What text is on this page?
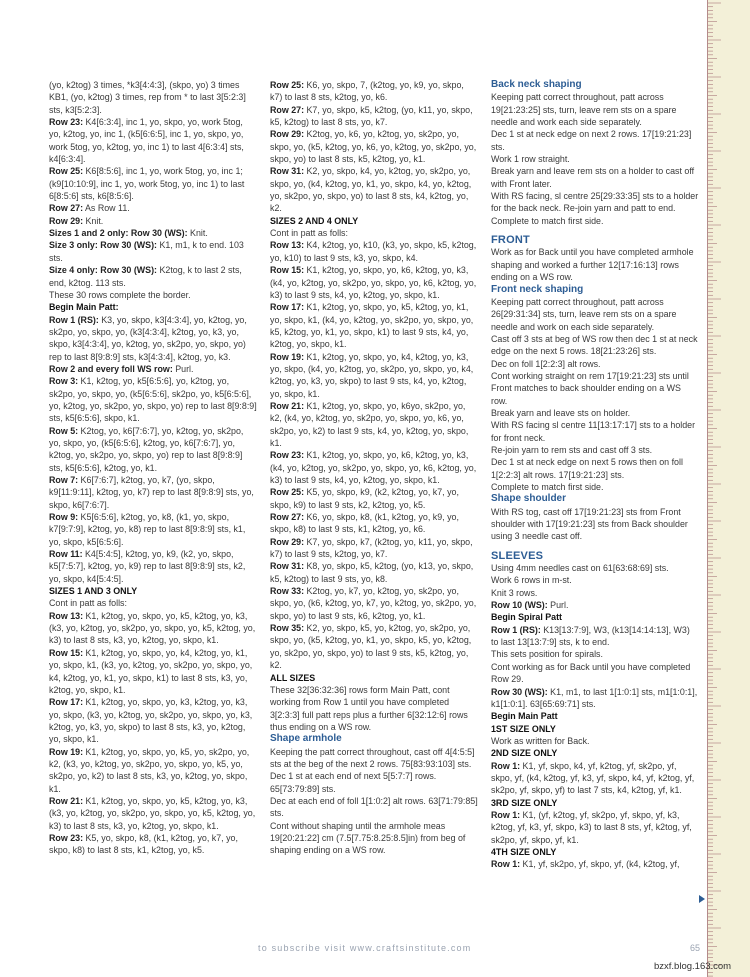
(yo, k2tog) 3 times, *k3[4:4:3], (skpo, yo) 3 times KB1, (yo, k2tog) 3 times, rep from * to last 3[5:2:3] sts, k3[5:2:3].

Row 23: K4[6:3:4], inc 1, yo, skpo, yo, work 5tog, yo, k2tog, yo, inc 1, (k5[6:6:5], inc 1, yo, skpo, yo, work 5tog, yo, k2tog, yo, inc 1) to last 4[6:3:4] sts, k4[6:3:4].

Row 25: K6[8:5:6], inc 1, yo, work 5tog, yo, inc 1; (k9[10:10:9], inc 1, yo, work 5tog, yo, inc 1) to last 6[8:5:6] sts, k6[8:5:6].

Row 27: As Row 11.

Row 29: Knit.

Sizes 1 and 2 only: Row 30 (WS): Knit.

Size 3 only: Row 30 (WS): K1, m1, k to end. 103 sts.

Size 4 only: Row 30 (WS): K2tog, k to last 2 sts, end, k2tog. 113 sts.

These 30 rows complete the border.

Begin Main Patt:

Row 1 (RS): K3, yo, skpo, k3[4:3:4], yo, k2tog, yo, sk2po, yo, skpo, yo, (k3[4:3:4], k2tog, yo, k3, yo, skpo, k3[4:3:4], yo, k2tog, yo, sk2po, yo, skpo, yo) rep to last 8[9:8:9] sts, k3[4:3:4], k2tog, yo, k3.

Row 2 and every foll WS row: Purl.

Row 3: K1, k2tog, yo, k5[6:5:6], yo, k2tog, yo, sk2po, yo, skpo, yo, (k5[6:5:6], sk2po, yo, k5[6:5:6], yo, k2tog, yo, sk2po, yo, skpo, yo) rep to last 8[9:8:9] sts, k5[6:5:6], skpo, k1.

Row 5: K2tog, yo, k6[7:6:7], yo, k2tog, yo, sk2po, yo, skpo, yo, (k5[6:5:6], k2tog, yo, k6[7:6:7], yo, k2tog, yo, sk2po, yo, skpo, yo) rep to last 8[9:8:9] sts, k5[6:5:6], k2tog, yo, k1.

Row 7: K6[7:6:7], k2tog, yo, k7, (yo, skpo, k9[11:9:11], k2tog, yo, k7) rep to last 8[9:8:9] sts, yo, skpo, k6[7:6:7].

Row 9: K5[6:5:6], k2tog, yo, k8, (k1, yo, skpo, k7[9:7:9], k2tog, yo, k8) rep to last 8[9:8:9] sts, k1, yo, skpo, k5[6:5:6].

Row 11: K4[5:4:5], k2tog, yo, k9, (k2, yo, skpo, k5[7:5:7], k2tog, yo, k9) rep to last 8[9:8:9] sts, k2, yo, skpo, k4[5:4:5].

SIZES 1 AND 3 ONLY

Cont in patt as folls:

Row 13: K1, k2tog, yo, skpo, yo, k5, k2tog, yo, k3, (k3, yo, k2tog, yo, sk2po, yo, skpo, yo, k5, k2tog, yo, k3) to last 8 sts, k3, yo, k2tog, yo, skpo, k1.

Row 15: K1, k2tog, yo, skpo, yo, k4, k2tog, yo, k1, yo, skpo, k1, (k3, yo, k2tog, yo, sk2po, yo, skpo, yo, k4, k2tog, yo, k1, yo, skpo, k1) to last 8 sts, k3, yo, k2tog, yo, skpo, k1.

Row 17: K1, k2tog, yo, skpo, yo, k3, k2tog, yo, k3, yo, skpo, (k3, yo, k2tog, yo, sk2po, yo, skpo, yo, k3, k2tog, yo, k3, yo, skpo) to last 8 sts, k3, yo, k2tog, yo, skpo, k1.

Row 19: K1, k2tog, yo, skpo, yo, k5, yo, sk2po, yo, k2, (k3, yo, k2tog, yo, sk2po, yo, skpo, yo, k5, yo, sk2po, yo, k2) to last 8 sts, k3, yo, k2tog, yo, skpo, k1.

Row 21: K1, k2tog, yo, skpo, yo, k5, k2tog, yo, k3, (k3, yo, k2tog, yo, sk2po, yo, skpo, yo, k5, k2tog, yo, k3) to last 8 sts, k3, yo, k2tog, yo, skpo, k1.

Row 23: K5, yo, skpo, k8, (k1, k2tog, yo, k7, yo, skpo, k8) to last 8 sts, k1, k2tog, yo, k5.

Row 25: K6, yo, skpo, 7, (k2tog, yo, k9, yo, skpo, k7) to last 8 sts, k2tog, yo, k6.

Row 27: K7, yo, skpo, k5, k2tog, (yo, k11, yo, skpo, k5, k2tog) to last 8 sts, yo, k7.

Row 29: K2tog, yo, k6, yo, k2tog, yo, sk2po, yo, skpo, yo, (k5, k2tog, yo, k6, yo, k2tog, yo, sk2po, yo, skpo, yo) to last 8 sts, k5, k2tog, yo, k1.

Row 31: K2, yo, skpo, k4, yo, k2tog, yo, sk2po, yo, skpo, yo, (k4, k2tog, yo, k1, yo, skpo, k4, yo, k2tog, yo, sk2po, yo, skpo, yo) to last 8 sts, k4, k2tog, yo, k2.

SIZES 2 AND 4 ONLY

Cont in patt as folls:

Row 13: K4, k2tog, yo, k10, (k3, yo, skpo, k5, k2tog, yo, k10) to last 9 sts, k3, yo, skpo, k4.

Row 15: K1, k2tog, yo, skpo, yo, k6, k2tog, yo, k3, (k4, yo, k2tog, yo, sk2po, yo, skpo, yo, k6, k2tog, yo, k3) to last 9 sts, k4, yo, k2tog, yo, skpo, k1.

Row 17: K1, k2tog, yo, skpo, yo, k5, k2tog, yo, k1, yo, skpo, k1, (k4, yo, k2tog, yo, sk2po, yo, skpo, yo, k5, k2tog, yo, k1, yo, skpo, k1) to last 9 sts, k4, yo, k2tog, yo, skpo, k1.

Row 19: K1, k2tog, yo, skpo, yo, k4, k2tog, yo, k3, yo, skpo, (k4, yo, k2tog, yo, sk2po, yo, skpo, yo, k4, k2tog, yo, k3, yo, skpo) to last 9 sts, k4, yo, k2tog, yo, skpo, k1.

Row 21: K1, k2tog, yo, skpo, yo, k6yo, sk2po, yo, k2, (k4, yo, k2tog, yo, sk2po, yo, skpo, yo, k6, yo, sk2po, yo, k2) to last 9 sts, k4, yo, k2tog, yo, skpo, k1.

Row 23: K1, k2tog, yo, skpo, yo, k6, k2tog, yo, k3, (k4, yo, k2tog, yo, sk2po, yo, skpo, yo, k6, k2tog, yo, k3) to last 9 sts, k4, yo, k2tog, yo, skpo, k1.

Row 25: K5, yo, skpo, k9, (k2, k2tog, yo, k7, yo, skpo, k9) to last 9 sts, k2, k2tog, yo, k5.

Row 27: K6, yo, skpo, k8, (k1, k2tog, yo, k9, yo, skpo, k8) to last 9 sts, k1, k2tog, yo, k6.

Row 29: K7, yo, skpo, k7, (k2tog, yo, k11, yo, skpo, k7) to last 9 sts, k2tog, yo, k7.

Row 31: K8, yo, skpo, k5, k2tog, (yo, k13, yo, skpo, k5, k2tog) to last 9 sts, yo, k8.

Row 33: K2tog, yo, k7, yo, k2tog, yo, sk2po, yo, skpo, yo, (k6, k2tog, yo, k7, yo, k2tog, yo, sk2po, yo, skpo, yo) to last 9 sts, k6, k2tog, yo, k1.

Row 35: K2, yo, skpo, k5, yo, k2tog, yo, sk2po, yo, skpo, yo, (k5, k2tog, yo, k1, yo, skpo, k5, yo, k2tog, yo, sk2po, yo, skpo, yo) to last 9 sts, k5, k2tog, yo, k2.

ALL SIZES

These 32[36:32:36] rows form Main Patt, cont working from Row 1 until you have completed 3[2:3:3] full patt reps plus a further 6[32:12:6] rows thus ending on a WS row.

Shape armhole

Keeping the patt correct throughout, cast off 4[4:5:5] sts at the beg of the next 2 rows. 75[83:93:103] sts.

Dec 1 st at each end of next 5[5:7:7] rows. 65[73:79:89] sts.

Dec at each end of foll 1[1:0:2] alt rows. 63[71:79:85] sts.

Cont without shaping until the armhole meas 19[20:21:22] cm (7.5[7.75:8.25:8.5]in) from beg of shaping ending on a WS row.

Back neck shaping

Keeping patt correct throughout, patt across 19[21:23:25] sts, turn, leave rem sts on a spare needle and work each side separately.

Dec 1 st at neck edge on next 2 rows. 17[19:21:23] sts.

Work 1 row straight.

Break yarn and leave rem sts on a holder to cast off with Front later.

With RS facing, sl centre 25[29:33:35] sts to a holder for the back neck. Re-join yarn and patt to end. Complete to match first side.

FRONT

Work as for Back until you have completed armhole shaping and worked a further 12[17:16:13] rows ending on a WS row.

Front neck shaping

Keeping patt correct throughout, patt across 26[29:31:34] sts, turn, leave rem sts on a spare needle and work on each side separately.

Cast off 3 sts at beg of WS row then dec 1 st at neck edge on the next 5 rows. 18[21:23:26] sts.

Dec on foll 1[2:2:3] alt rows.

Cont working straight on rem 17[19:21:23] sts until Front matches to back shoulder ending on a WS row.

Break yarn and leave sts on holder.

With RS facing sl centre 11[13:17:17] sts to a holder for front neck.

Re-join yarn to rem sts and cast off 3 sts.

Dec 1 st at neck edge on next 5 rows then on foll 1[2:2:3] alt rows. 17[19:21:23] sts.

Complete to match first side.

Shape shoulder

With RS tog, cast off 17[19:21:23] sts from Front shoulder with 17[19:21:23] sts from Back shoulder using 3 needle cast off.

SLEEVES

Using 4mm needles cast on 61[63:68:69] sts.

Work 6 rows in m-st.

Knit 3 rows.

Row 10 (WS): Purl.

Begin Spiral Patt

Row 1 (RS): K13[13:7:9], W3, (k13[14:14:13], W3) to last 13[13:7:9] sts, k to end.

This sets position for spirals.

Cont working as for Back until you have completed Row 29.

Row 30 (WS): K1, m1, to last 1[1:0:1] sts, m1[1:0:1], k1[1:0:1]. 63[65:69:71] sts.

Begin Main Patt

1ST SIZE ONLY

Work as written for Back.

2ND SIZE ONLY

Row 1: K1, yf, skpo, k4, yf, k2tog, yf, sk2po, yf, skpo, yf, (k4, k2tog, yf, k3, yf, skpo, k4, yf, k2tog, yf, sk2po, yf, skpo, yf) to last 7 sts, k4, k2tog, yf, k1.

3RD SIZE ONLY

Row 1: K1, (yf, k2tog, yf, sk2po, yf, skpo, yf, k3, k2tog, yf, k3, yf, skpo, k3) to last 8 sts, yf, k2tog, yf, sk2po, yf, skpo, yf, k1.

4TH SIZE ONLY

Row 1: K1, yf, sk2po, yf, skpo, yf, (k4, k2tog, yf,

to subscribe visit www.craftsinstitute.com	65
bzxf.blog.163.com
